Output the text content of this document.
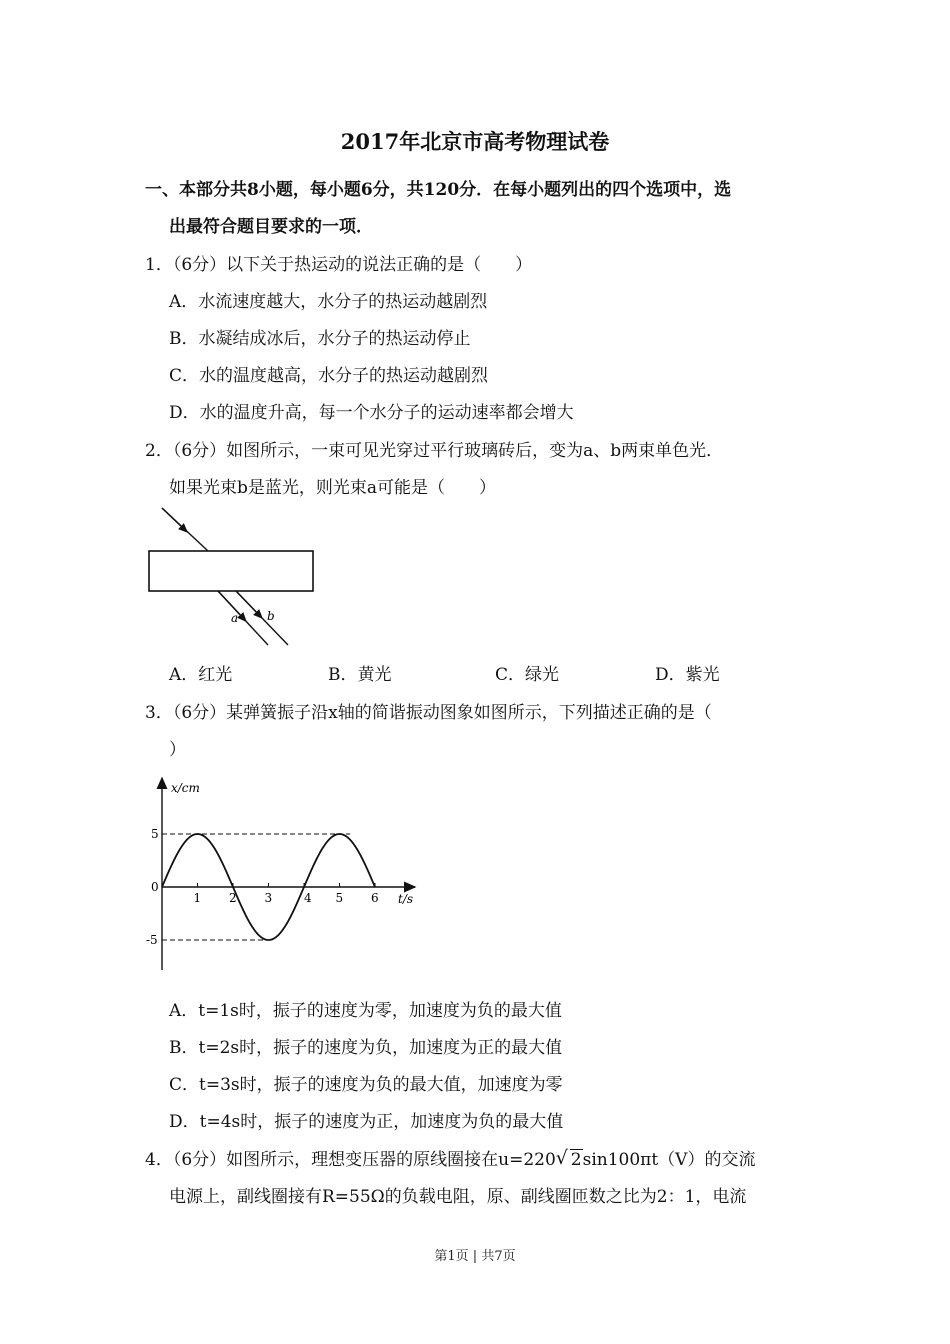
2017年北京市高考物理试卷
一、本部分共8小题，每小题6分，共120分．在每小题列出的四个选项中，选
出最符合题目要求的一项．
1．（6分）以下关于热运动的说法正确的是（　　）
A．水流速度越大，水分子的热运动越剧烈
B．水凝结成冰后，水分子的热运动停止
C．水的温度越高，水分子的热运动越剧烈
D．水的温度升高，每一个水分子的运动速率都会增大
2．（6分）如图所示，一束可见光穿过平行玻璃砖后，变为a、b两束单色光．
如果光束b是蓝光，则光束a可能是（　　）
a b
A．红光	B．黄光	C．绿光	D．紫光
3．（6分）某弹簧振子沿x轴的简谐振动图象如图所示，下列描述正确的是（
）
x/cm
t/s
1 2 3	4 5 6
5
0
-5
A．t=1s时，振子的速度为零，加速度为负的最大值
B．t=2s时，振子的速度为负，加速度为正的最大值
C．t=3s时，振子的速度为负的最大值，加速度为零
D．t=4s时，振子的速度为正，加速度为负的最大值
4．（6分）如图所示，理想变压器的原线圈接在u=220 √ 2sin100πt（V）的交流
电源上，副线圈接有R=55Ω的负载电阻，原、副线圈匝数之比为2：1，电流
第1页 | 共7页
